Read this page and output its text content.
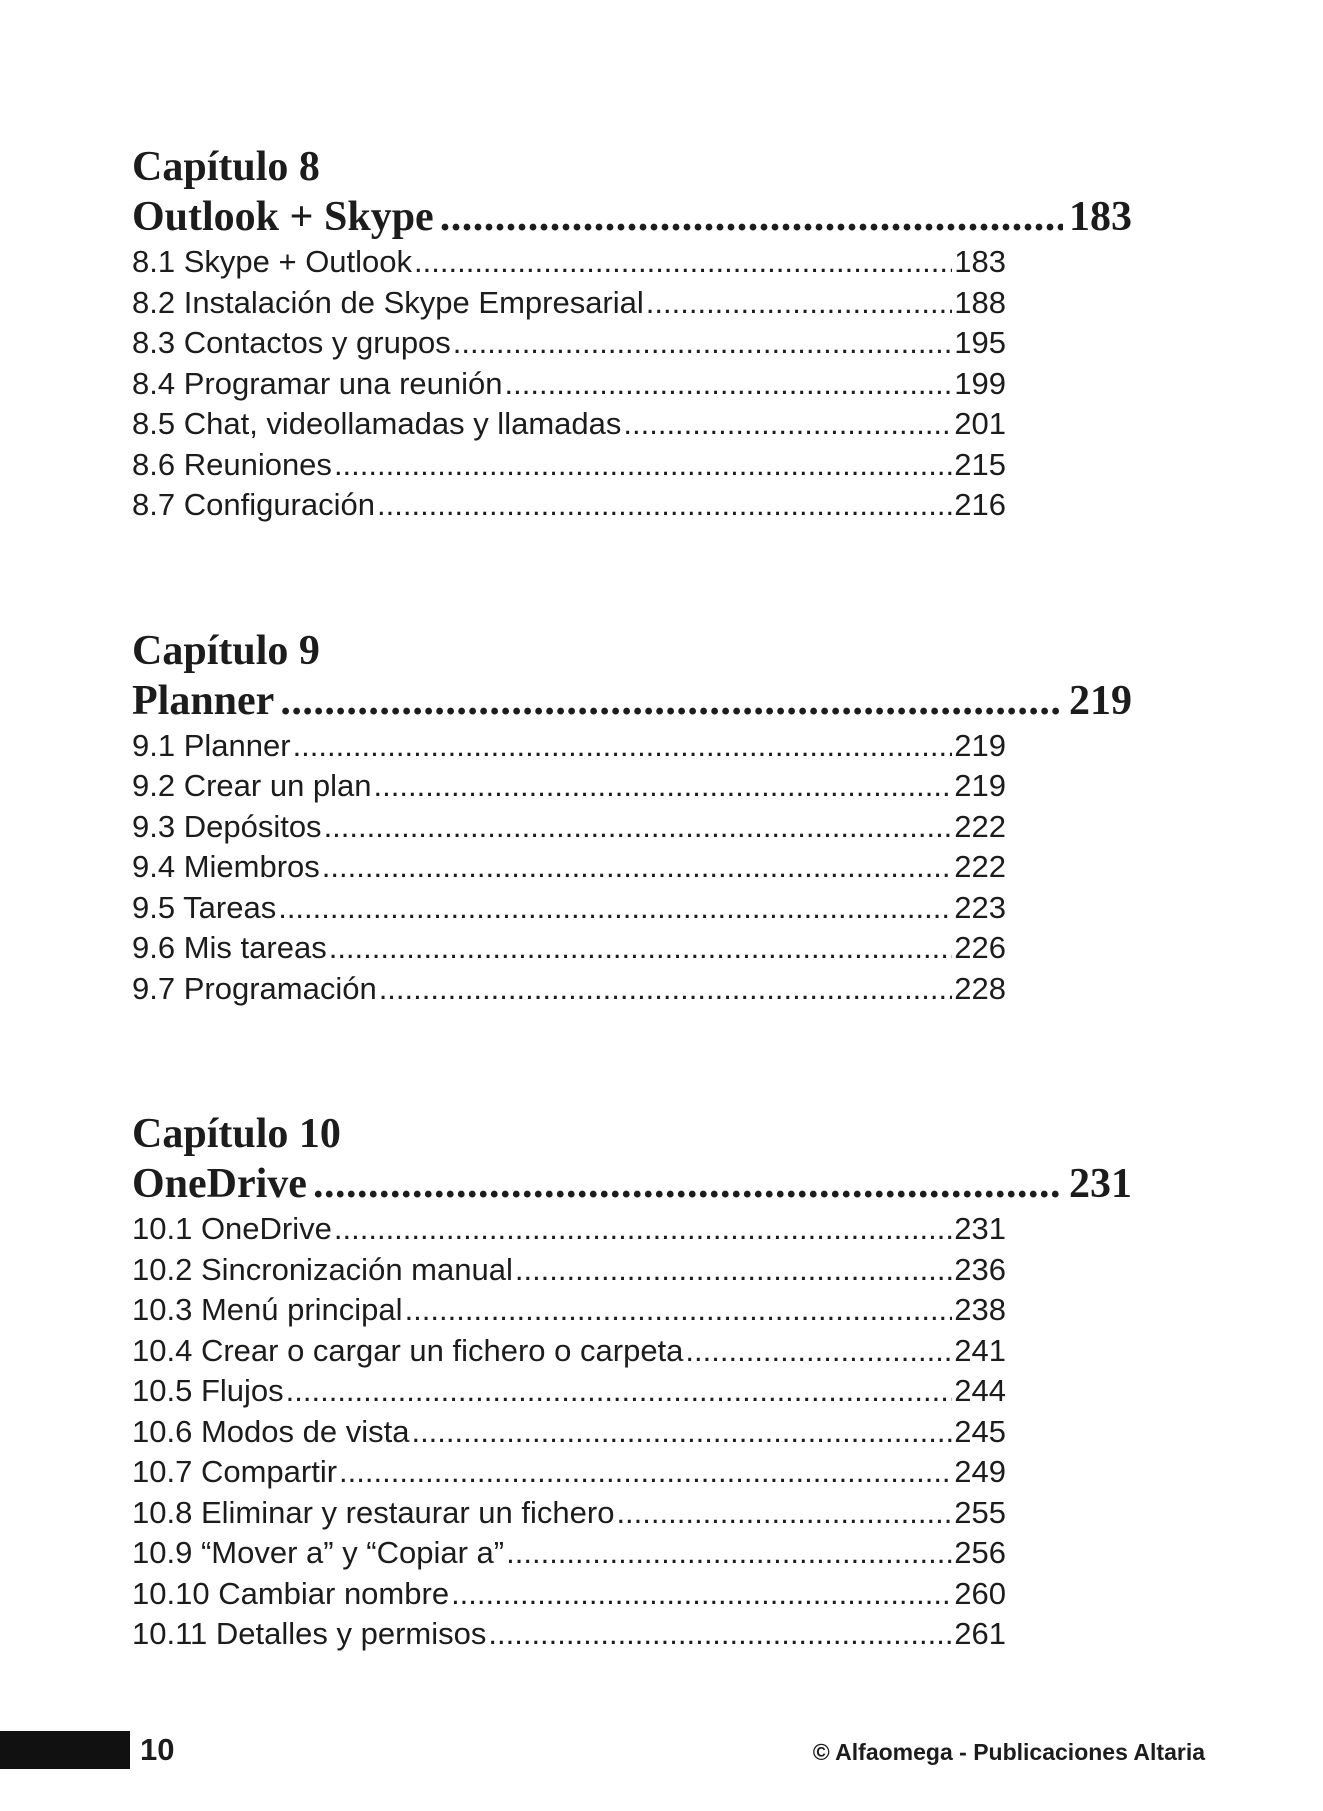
Capítulo 8
Outlook + Skype .....	183
8.1 Skype + Outlook .....	183
8.2 Instalación de Skype Empresarial .....	188
8.3 Contactos y grupos .....	195
8.4 Programar una reunión .....	199
8.5 Chat, videollamadas y llamadas .....	201
8.6 Reuniones .....	215
8.7 Configuración .....	216
Capítulo 9
Planner .....	219
9.1 Planner .....	219
9.2 Crear un plan .....	219
9.3 Depósitos .....	222
9.4 Miembros .....	222
9.5 Tareas .....	223
9.6 Mis tareas .....	226
9.7 Programación .....	228
Capítulo 10
OneDrive .....	231
10.1 OneDrive .....	231
10.2 Sincronización manual .....	236
10.3 Menú principal .....	238
10.4 Crear o cargar un fichero o carpeta .....	241
10.5 Flujos .....	244
10.6 Modos de vista .....	245
10.7 Compartir .....	249
10.8 Eliminar y restaurar un fichero .....	255
10.9 “Mover a” y “Copiar a” .....	256
10.10 Cambiar nombre .....	260
10.11 Detalles y permisos .....	261
10	© Alfaomega - Publicaciones Altaria
